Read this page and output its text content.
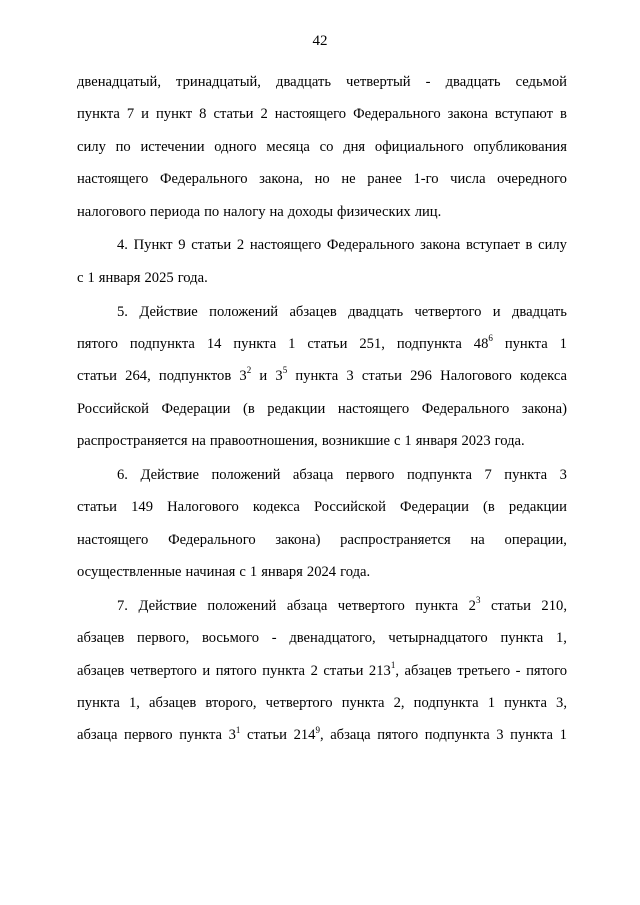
42
двенадцатый, тринадцатый, двадцать четвертый - двадцать седьмой
пункта 7 и пункт 8 статьи 2 настоящего Федерального закона вступают в
силу по истечении одного месяца со дня официального опубликования
настоящего Федерального закона, но не ранее 1-го числа очередного
налогового периода по налогу на доходы физических лиц.
4. Пункт 9 статьи 2 настоящего Федерального закона вступает в силу
с 1 января 2025 года.
5. Действие положений абзацев двадцать четвертого и двадцать
пятого подпункта 14 пункта 1 статьи 251, подпункта $48^6$ пункта 1
статьи 264, подпунктов $3^2$ и $3^5$ пункта 3 статьи 296 Налогового кодекса
Российской Федерации (в редакции настоящего Федерального закона)
распространяется на правоотношения, возникшие с 1 января 2023 года.
6. Действие положений абзаца первого подпункта 7 пункта 3
статьи 149 Налогового кодекса Российской Федерации (в редакции
настоящего Федерального закона) распространяется на операции,
осуществленные начиная с 1 января 2024 года.
7. Действие положений абзаца четвертого пункта $2^3$ статьи 210,
абзацев первого, восьмого - двенадцатого, четырнадцатого пункта 1,
абзацев четвертого и пятого пункта 2 статьи $213^1$, абзацев третьего - пятого
пункта 1, абзацев второго, четвертого пункта 2, подпункта 1 пункта 3,
абзаца первого пункта $3^1$ статьи $214^9$, абзаца пятого подпункта 3 пункта 1
